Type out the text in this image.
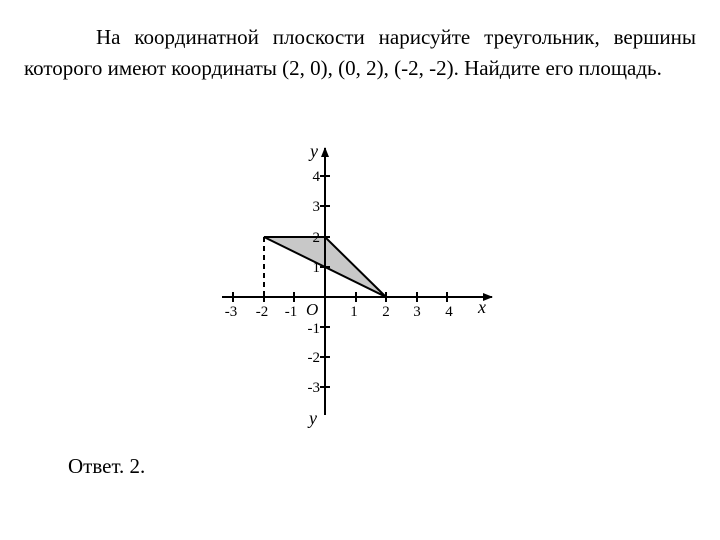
На координатной плоскости нарисуйте треугольник, вершины которого имеют координаты (2, 0), (0, 2), (-2, -2). Найдите его площадь.
-3 -2 -1	1 2 3 4
4
3
2
1
-1
-2
-3
y
x
O
y
Ответ. 2.
